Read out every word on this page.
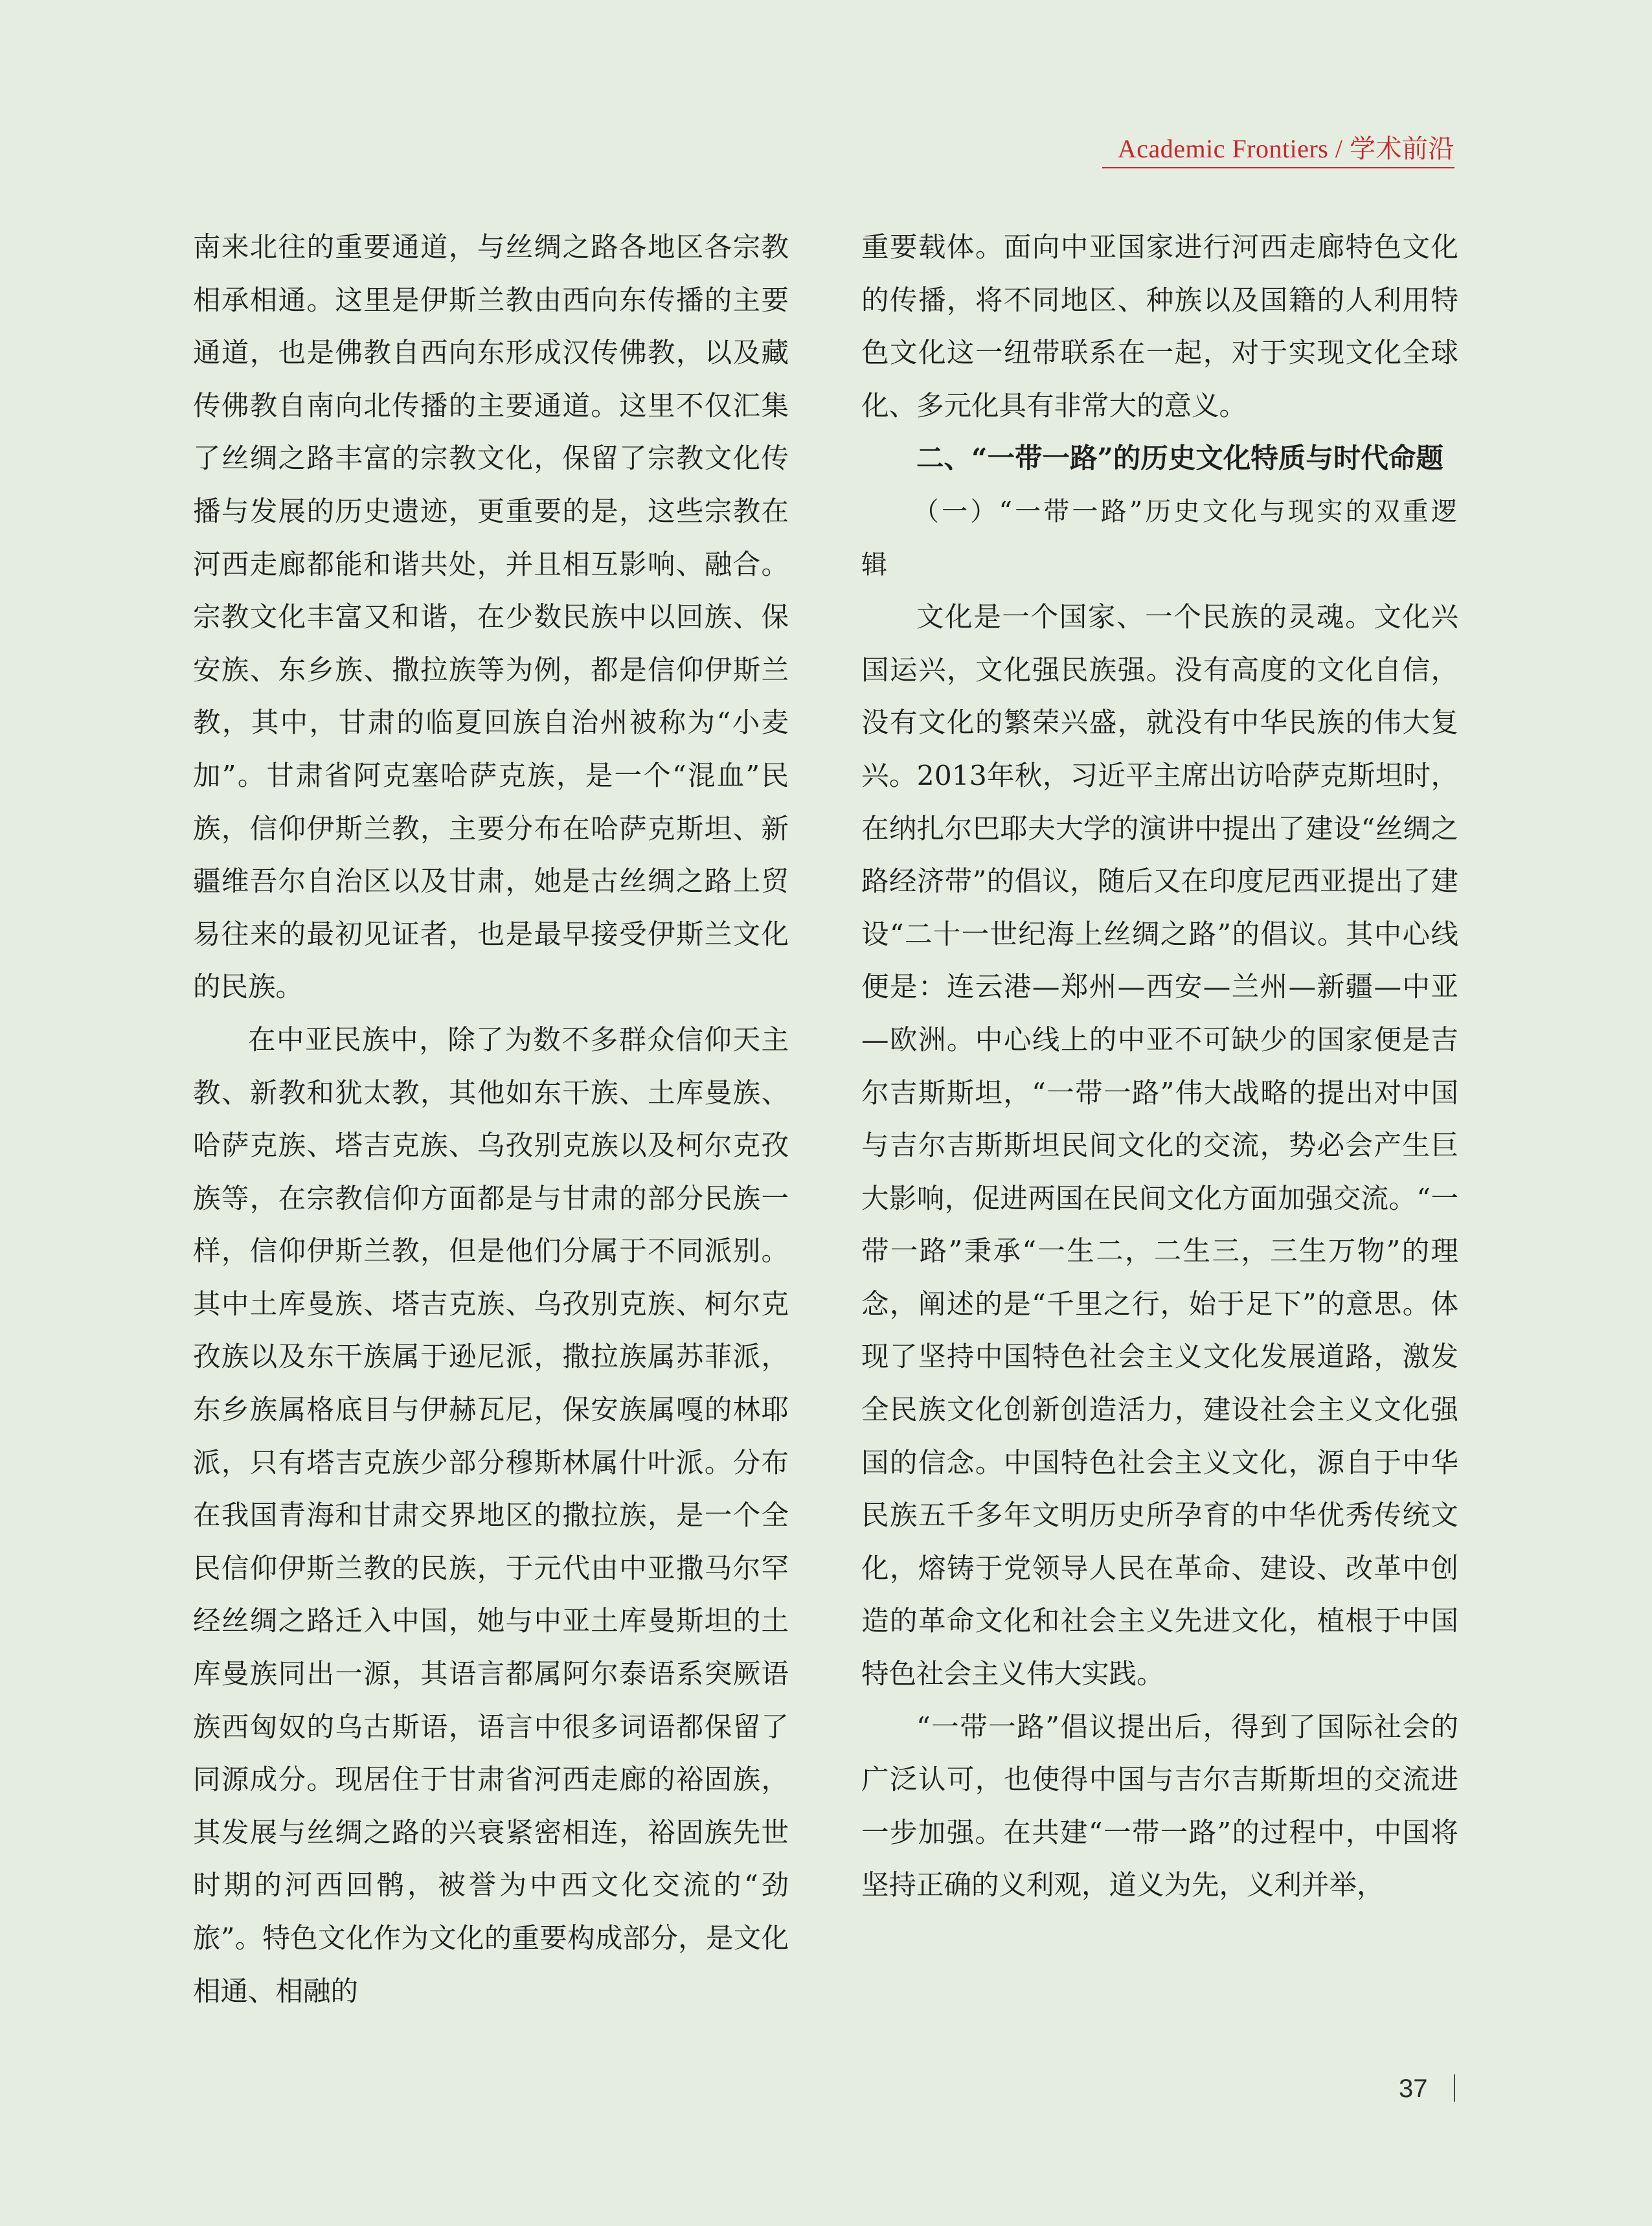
Academic Frontiers / 学术前沿

南来北往的重要通道，与丝绸之路各地区各宗教相承相通。这里是伊斯兰教由西向东传播的主要通道，也是佛教自西向东形成汉传佛教，以及藏传佛教自南向北传播的主要通道。这里不仅汇集了丝绸之路丰富的宗教文化，保留了宗教文化传播与发展的历史遗迹，更重要的是，这些宗教在河西走廊都能和谐共处，并且相互影响、融合。宗教文化丰富又和谐，在少数民族中以回族、保安族、东乡族、撒拉族等为例，都是信仰伊斯兰教，其中，甘肃的临夏回族自治州被称为“小麦加”。甘肃省阿克塞哈萨克族，是一个“混血”民族，信仰伊斯兰教，主要分布在哈萨克斯坦、新疆维吾尔自治区以及甘肃，她是古丝绸之路上贸易往来的最初见证者，也是最早接受伊斯兰文化的民族。

在中亚民族中，除了为数不多群众信仰天主教、新教和犹太教，其他如东干族、土库曼族、哈萨克族、塔吉克族、乌孜别克族以及柯尔克孜族等，在宗教信仰方面都是与甘肃的部分民族一样，信仰伊斯兰教，但是他们分属于不同派别。其中土库曼族、塔吉克族、乌孜别克族、柯尔克孜族以及东干族属于逊尼派，撒拉族属苏菲派，东乡族属格底目与伊赫瓦尼，保安族属嘎的林耶派，只有塔吉克族少部分穆斯林属什叶派。分布在我国青海和甘肃交界地区的撒拉族，是一个全民信仰伊斯兰教的民族，于元代由中亚撒马尔罕经丝绸之路迁入中国，她与中亚土库曼斯坦的土库曼族同出一源，其语言都属阿尔泰语系突厥语族西匈奴的乌古斯语，语言中很多词语都保留了同源成分。现居住于甘肃省河西走廊的裕固族，其发展与丝绸之路的兴衰紧密相连，裕固族先世时期的河西回鹘，被誉为中西文化交流的“劲旅”。特色文化作为文化的重要构成部分，是文化相通、相融的

重要载体。面向中亚国家进行河西走廊特色文化的传播，将不同地区、种族以及国籍的人利用特色文化这一纽带联系在一起，对于实现文化全球化、多元化具有非常大的意义。

二、“一带一路”的历史文化特质与时代命题
（一）“一带一路”历史文化与现实的双重逻辑

文化是一个国家、一个民族的灵魂。文化兴国运兴，文化强民族强。没有高度的文化自信，没有文化的繁荣兴盛，就没有中华民族的伟大复兴。2013年秋，习近平主席出访哈萨克斯坦时，在纳扎尔巴耶夫大学的演讲中提出了建设“丝绸之路经济带”的倡议，随后又在印度尼西亚提出了建设“二十一世纪海上丝绸之路”的倡议。其中心线便是：连云港—郑州—西安—兰州—新疆—中亚—欧洲。中心线上的中亚不可缺少的国家便是吉尔吉斯斯坦，“一带一路”伟大战略的提出对中国与吉尔吉斯斯坦民间文化的交流，势必会产生巨大影响，促进两国在民间文化方面加强交流。“一带一路”秉承“一生二，二生三，三生万物”的理念，阐述的是“千里之行，始于足下”的意思。体现了坚持中国特色社会主义文化发展道路，激发全民族文化创新创造活力，建设社会主义文化强国的信念。中国特色社会主义文化，源自于中华民族五千多年文明历史所孕育的中华优秀传统文化，熔铸于党领导人民在革命、建设、改革中创造的革命文化和社会主义先进文化，植根于中国特色社会主义伟大实践。

“一带一路”倡议提出后，得到了国际社会的广泛认可，也使得中国与吉尔吉斯斯坦的交流进一步加强。在共建“一带一路”的过程中，中国将坚持正确的义利观，道义为先，义利并举，

37
